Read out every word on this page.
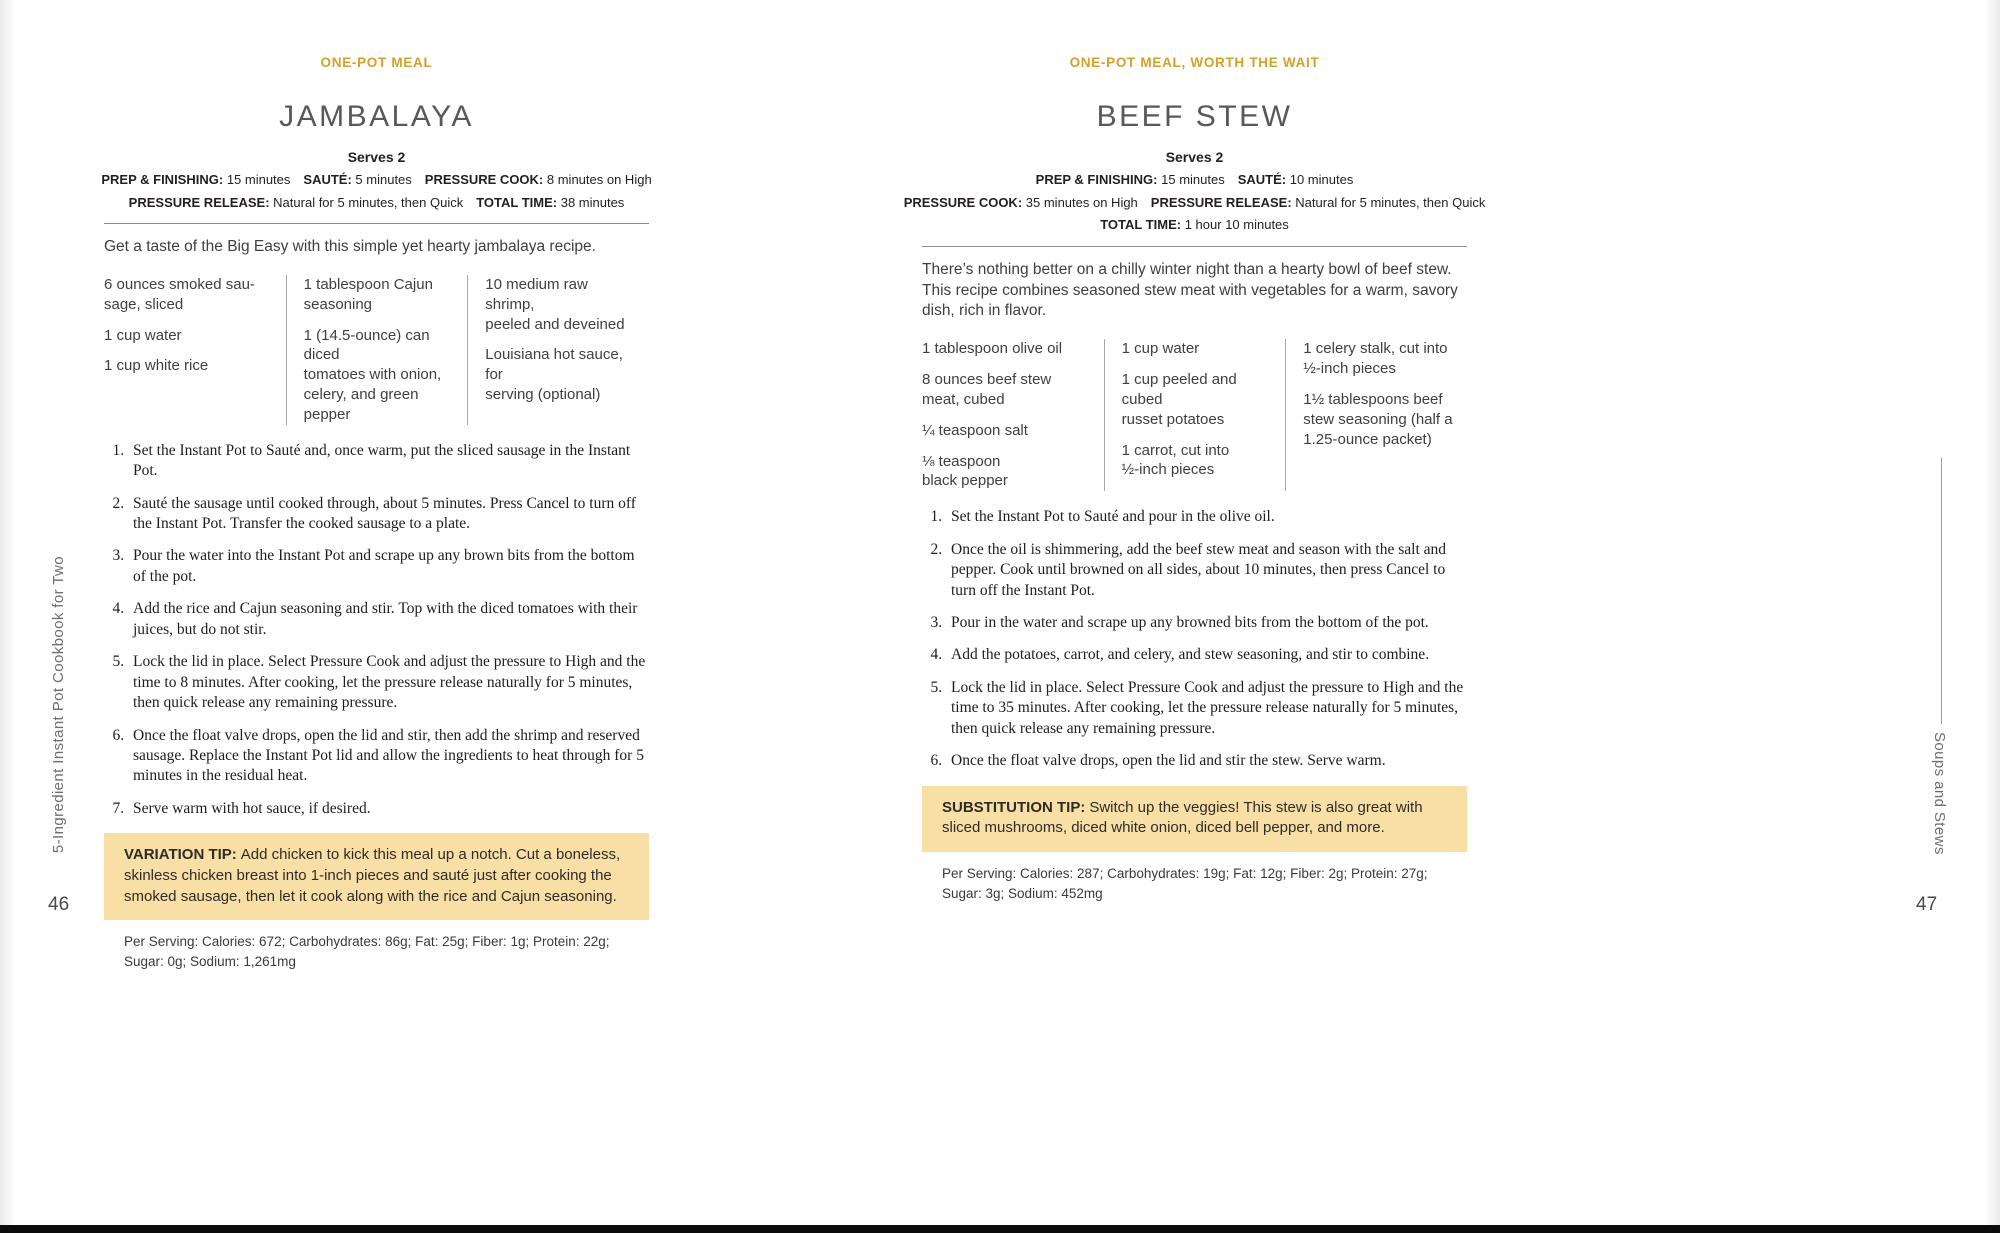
5-Ingredient Instant Pot Cookbook for Two
ONE-POT MEAL
JAMBALAYA
Serves 2
PREP & FINISHING: 15 minutes SAUTÉ: 5 minutes PRESSURE COOK: 8 minutes on High
PRESSURE RELEASE: Natural for 5 minutes, then Quick TOTAL TIME: 38 minutes

Get a taste of the Big Easy with this simple yet hearty jambalaya recipe.

6 ounces smoked sau-
sage, sliced
1 cup water
1 cup white rice
1 tablespoon Cajun
seasoning
1 (14.5-ounce) can diced
tomatoes with onion,
celery, and green pepper
10 medium raw shrimp,
peeled and deveined
Louisiana hot sauce, for
serving (optional)
1. Set the Instant Pot to Sauté and, once warm, put the sliced sausage in the Instant Pot.
2. Sauté the sausage until cooked through, about 5 minutes. Press Cancel to turn off the Instant Pot. Transfer the cooked sausage to a plate.
3. Pour the water into the Instant Pot and scrape up any brown bits from the bottom of the pot.
4. Add the rice and Cajun seasoning and stir. Top with the diced tomatoes with their juices, but do not stir.
5. Lock the lid in place. Select Pressure Cook and adjust the pressure to High and the time to 8 minutes. After cooking, let the pressure release naturally for 5 minutes, then quick release any remaining pressure.
6. Once the float valve drops, open the lid and stir, then add the shrimp and reserved sausage. Replace the Instant Pot lid and allow the ingredients to heat through for 5 minutes in the residual heat.
7. Serve warm with hot sauce, if desired.
VARIATION TIP: Add chicken to kick this meal up a notch. Cut a boneless, skinless chicken breast into 1-inch pieces and sauté just after cooking the smoked sausage, then let it cook along with the rice and Cajun seasoning.

Per Serving: Calories: 672; Carbohydrates: 86g; Fat: 25g; Fiber: 1g; Protein: 22g;
Sugar: 0g; Sodium: 1,261mg

ONE-POT MEAL, WORTH THE WAIT
BEEF STEW
Serves 2
PREP & FINISHING: 15 minutes SAUTÉ: 10 minutes
PRESSURE COOK: 35 minutes on High PRESSURE RELEASE: Natural for 5 minutes, then Quick
TOTAL TIME: 1 hour 10 minutes

There’s nothing better on a chilly winter night than a hearty bowl of beef stew. This recipe combines seasoned stew meat with vegetables for a warm, savory dish, rich in flavor.

1 tablespoon olive oil
8 ounces beef stew
meat, cubed
¼ teaspoon salt
⅛ teaspoon
black pepper
1 cup water
1 cup peeled and cubed
russet potatoes
1 carrot, cut into
½-inch pieces
1 celery stalk, cut into
½-inch pieces
1½ tablespoons beef
stew seasoning (half a
1.25-ounce packet)
1. Set the Instant Pot to Sauté and pour in the olive oil.
2. Once the oil is shimmering, add the beef stew meat and season with the salt and pepper. Cook until browned on all sides, about 10 minutes, then press Cancel to turn off the Instant Pot.
3. Pour in the water and scrape up any browned bits from the bottom of the pot.
4. Add the potatoes, carrot, and celery, and stew seasoning, and stir to combine.
5. Lock the lid in place. Select Pressure Cook and adjust the pressure to High and the time to 35 minutes. After cooking, let the pressure release naturally for 5 minutes, then quick release any remaining pressure.
6. Once the float valve drops, open the lid and stir the stew. Serve warm.
SUBSTITUTION TIP: Switch up the veggies! This stew is also great with sliced mushrooms, diced white onion, diced bell pepper, and more.

Per Serving: Calories: 287; Carbohydrates: 19g; Fat: 12g; Fiber: 2g; Protein: 27g;
Sugar: 3g; Sodium: 452mg

46	47
Soups and Stews
